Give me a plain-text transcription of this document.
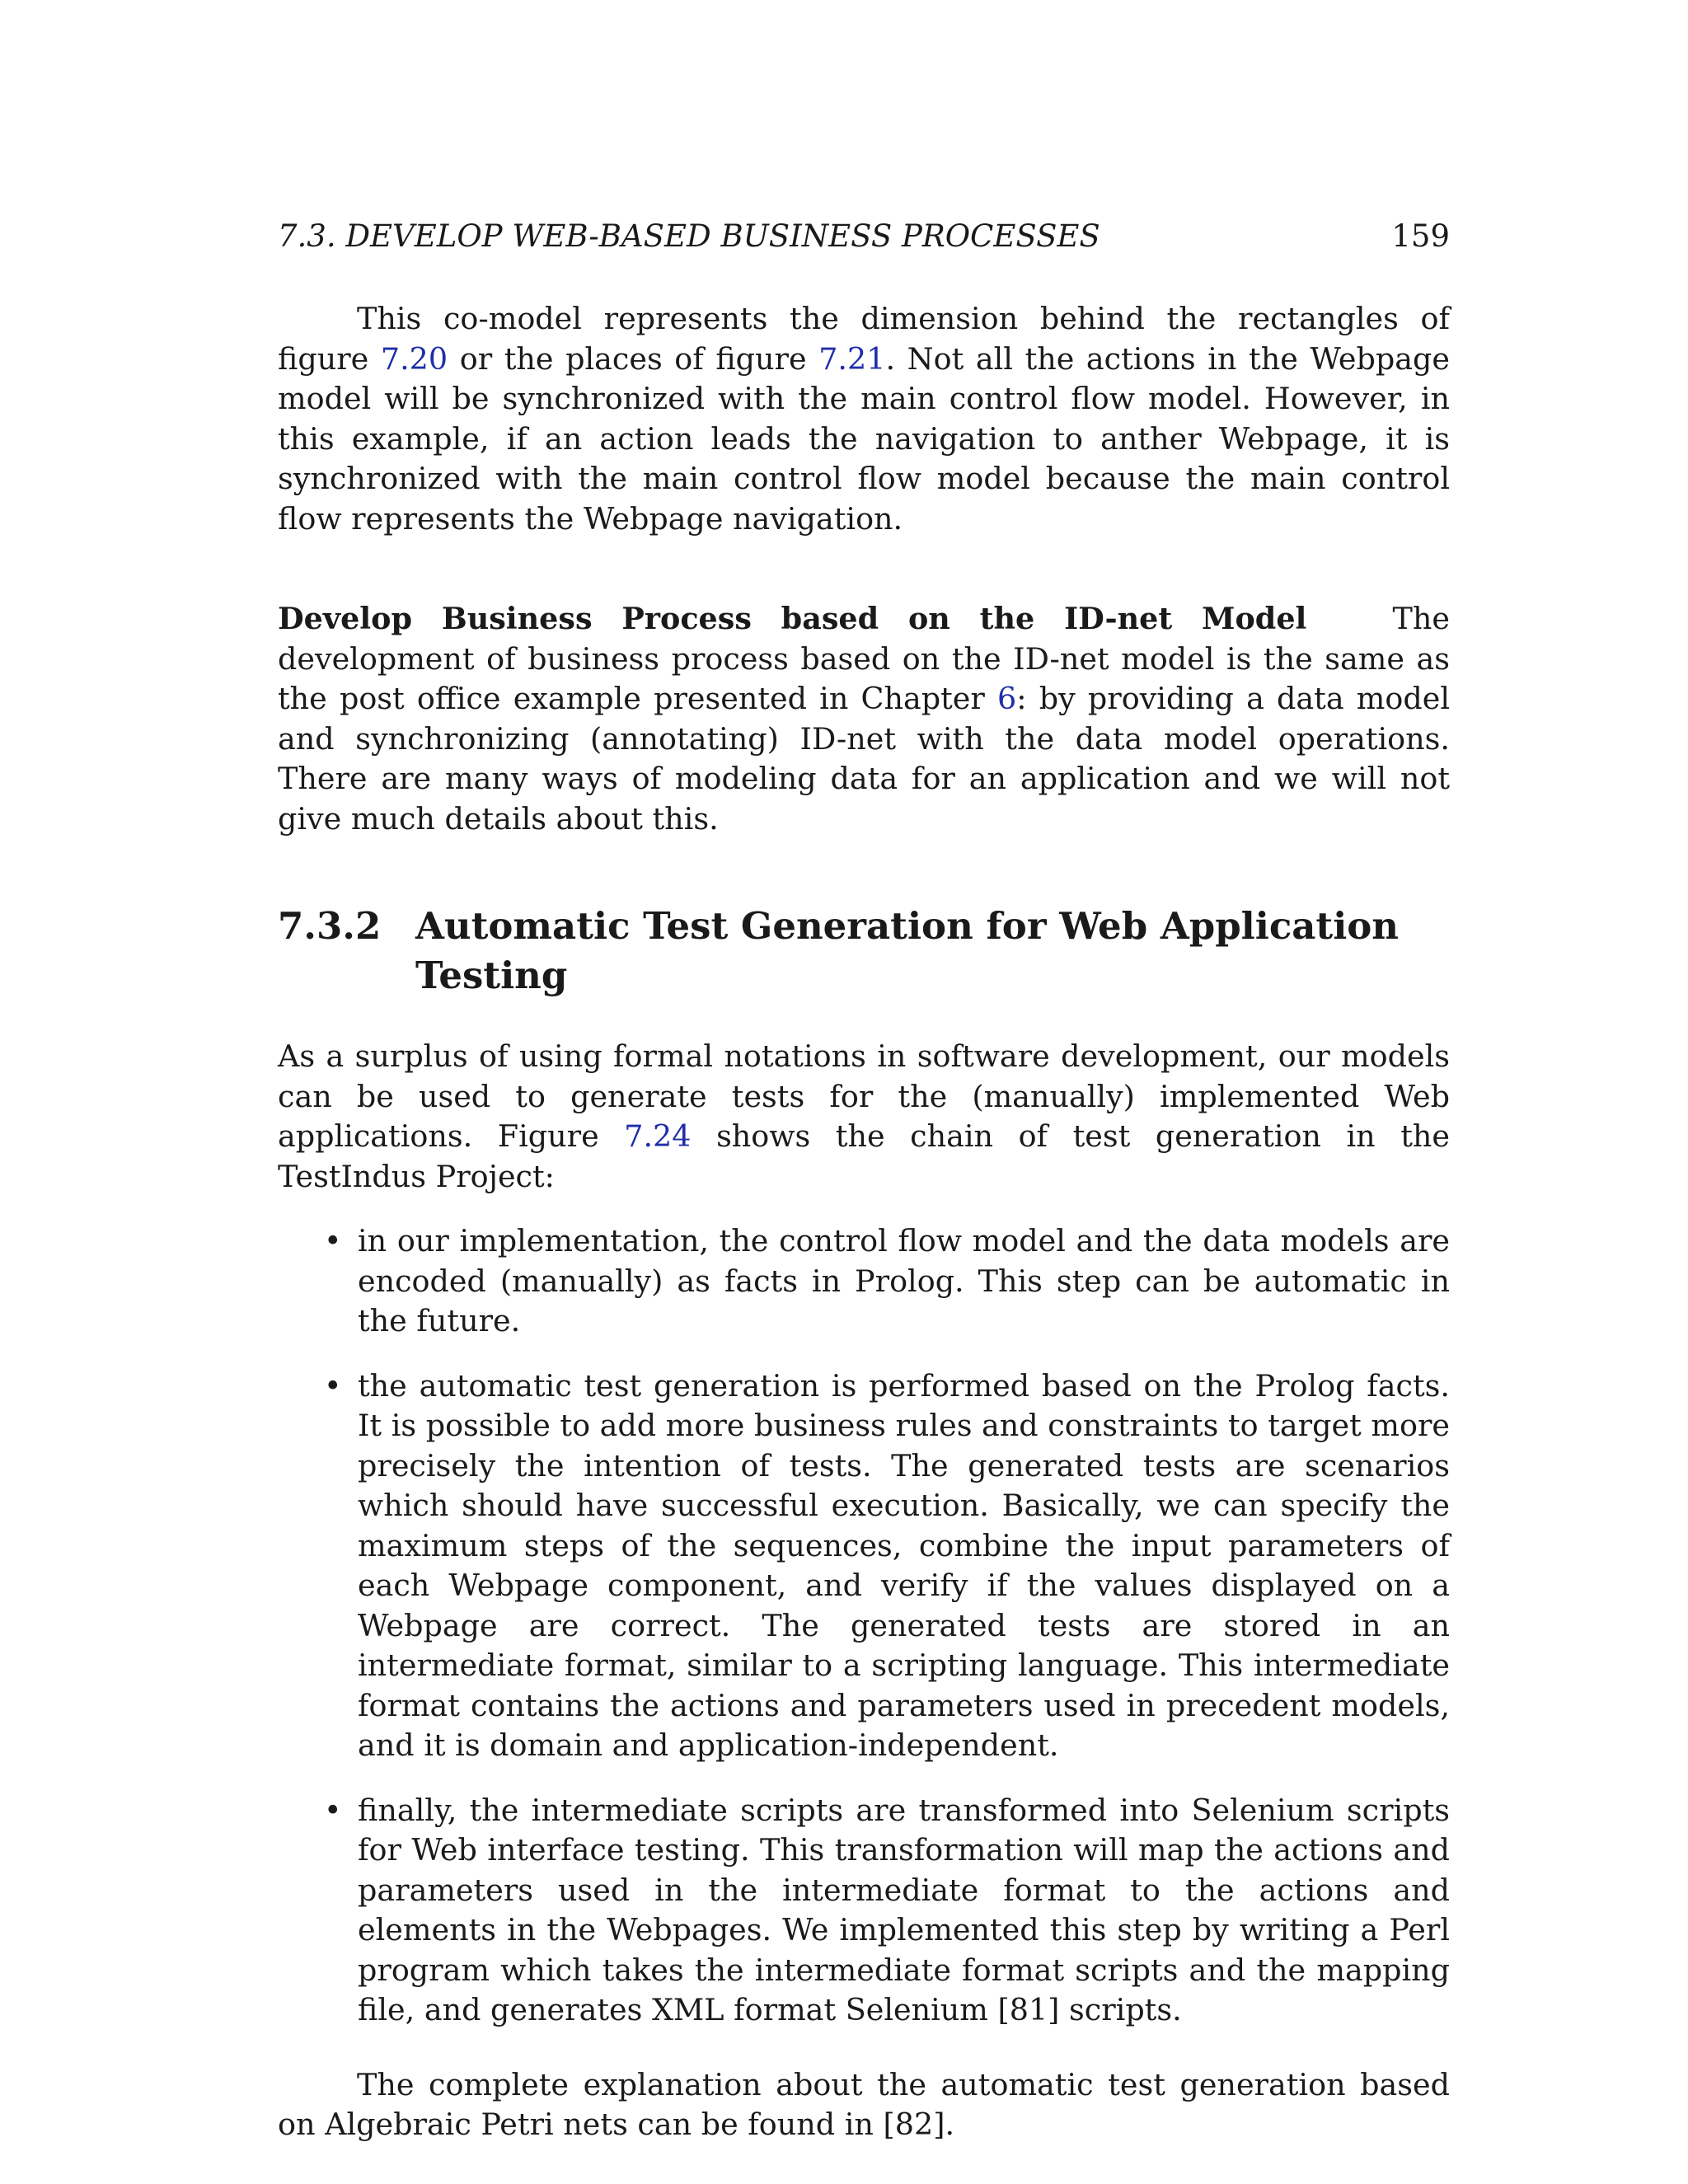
7.3. DEVELOP WEB-BASED BUSINESS PROCESSES	159

This co-model represents the dimension behind the rectangles of figure 7.20 or the places of figure 7.21. Not all the actions in the Webpage model will be synchronized with the main control flow model. However, in this example, if an action leads the navigation to anther Webpage, it is synchronized with the main control flow model because the main control flow represents the Webpage navigation.

Develop Business Process based on the ID-net Model	The development of business process based on the ID-net model is the same as the post office example presented in Chapter 6: by providing a data model and synchronizing (annotating) ID-net with the data model operations. There are many ways of modeling data for an application and we will not give much details about this.

7.3.2 Automatic Test Generation for Web Application Testing

As a surplus of using formal notations in software development, our models can be used to generate tests for the (manually) implemented Web applications. Figure 7.24 shows the chain of test generation in the TestIndus Project:

• in our implementation, the control flow model and the data models are encoded (manually) as facts in Prolog. This step can be automatic in the future.

• the automatic test generation is performed based on the Prolog facts. It is possible to add more business rules and constraints to target more precisely the intention of tests. The generated tests are scenarios which should have successful execution. Basically, we can specify the maximum steps of the sequences, combine the input parameters of each Webpage component, and verify if the values displayed on a Webpage are correct. The generated tests are stored in an intermediate format, similar to a scripting language. This intermediate format contains the actions and parameters used in precedent models, and it is domain and application-independent.

• finally, the intermediate scripts are transformed into Selenium scripts for Web interface testing. This transformation will map the actions and parameters used in the intermediate format to the actions and elements in the Webpages. We implemented this step by writing a Perl program which takes the intermediate format scripts and the mapping file, and generates XML format Selenium [81] scripts.

The complete explanation about the automatic test generation based on Algebraic Petri nets can be found in [82].
